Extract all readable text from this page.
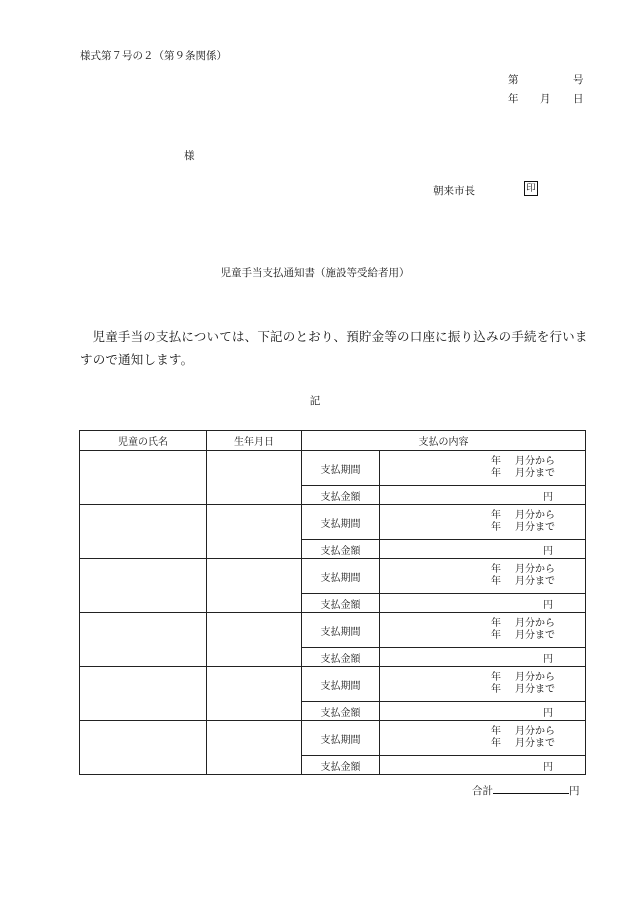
様式第７号の２（第９条関係）
第	号
年 月 日
様
朝来市長	印
児童手当支払通知書（施設等受給者用）
児童手当の支払については、下記のとおり、預貯金等の口座に振り込みの手続を行いますので通知します。
記
児童の氏名	生年月日	支払の内容	
		支払期間	年 月分から
年 月分まで

		支払金額	円
		支払期間	年 月分から
年 月分まで

		支払金額	円
		支払期間	年 月分から
年 月分まで

		支払金額	円
		支払期間	年 月分から
年 月分まで

		支払金額	円
		支払期間	年 月分から
年 月分まで

		支払金額	円
		支払期間	年 月分から
年 月分まで

		支払金額	円
合計	円
